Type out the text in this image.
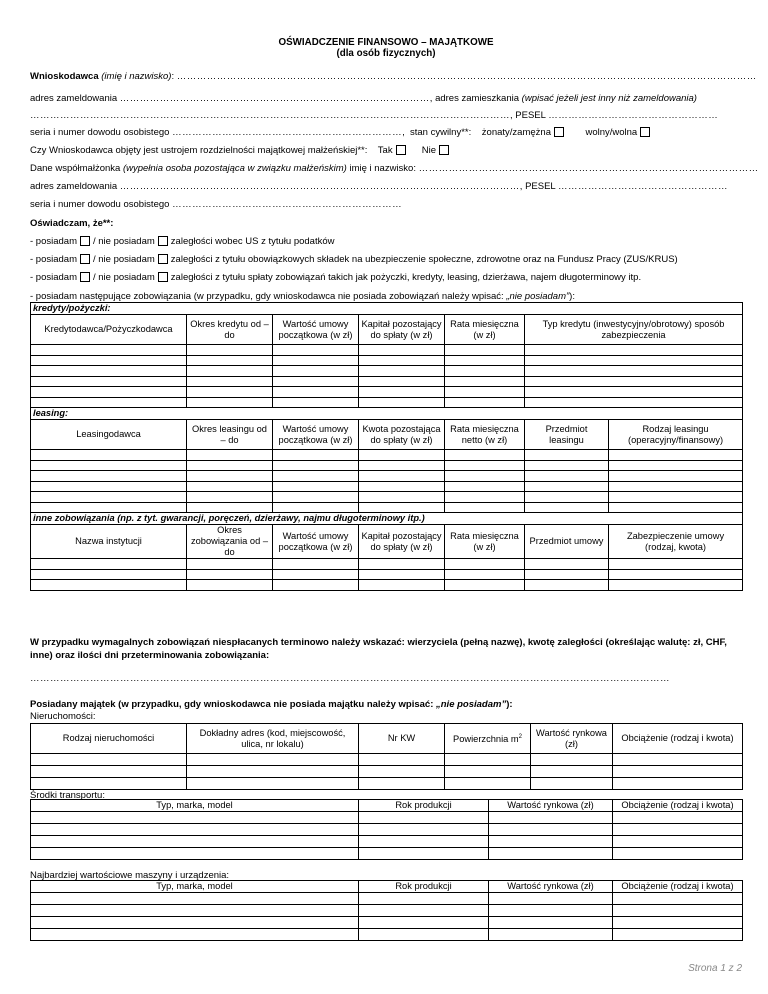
OŚWIADCZENIE FINANSOWO – MAJĄTKOWE
(dla osób fizycznych)
Wnioskodawca (imię i nazwisko): …………………………………………………………………………………………………………………………………………………………
adres zameldowania …………………………………………………………………………………, adres zamieszkania (wpisać jeżeli jest inny niż zameldowania)
………………………………………………………………………………………………………………………………, PESEL ……………………………………………
seria i numer dowodu osobistego ……………………………………………………………,  stan cywilny**: żonaty/zamężna	wolny/wolna
Czy Wnioskodawca objęty jest ustrojem rozdzielności majątkowej małżeńskiej**: Tak	Nie
Dane współmałżonka (wypełnia osoba pozostająca w związku małżeńskim) imię i nazwisko: …………………………………………………………………………………………
adres zameldowania …………………………………………………………………………………………………………, PESEL ……………………………………………
seria i numer dowodu osobistego ……………………………………………………………
Oświadczam, że**:
- posiadam / nie posiadam zaległości wobec US z tytułu podatków
- posiadam / nie posiadam zaległości z tytułu obowiązkowych składek na ubezpieczenie społeczne, zdrowotne oraz na Fundusz Pracy (ZUS/KRUS)
- posiadam / nie posiadam zaległości z tytułu spłaty zobowiązań takich jak pożyczki, kredyty, leasing, dzierżawa, najem długoterminowy itp.
- posiadam następujące zobowiązania (w przypadku, gdy wnioskodawca nie posiada zobowiązań należy wpisać: „nie posiadam”):
kredyty/pożyczki:						
Kredytodawca/Pożyczkodawca	Okres kredytu od – do	Wartość umowy początkowa (w zł)	Kapitał pozostający do spłaty (w zł)	Rata miesięczna (w zł)	Typ kredytu (inwestycyjny/obrotowy) sposób zabezpieczenia	

leasing:						
Leasingodawca	Okres leasingu od – do	Wartość umowy początkowa (w zł)	Kwota pozostająca do spłaty (w zł)	Rata miesięczna netto (w zł)	Przedmiot leasingu	Rodzaj leasingu (operacyjny/finansowy)

inne zobowiązania (np. z tyt. gwarancji, poręczeń, dzierżawy, najmu długoterminowy itp.)						
Nazwa instytucji	Okres zobowiązania od – do	Wartość umowy początkowa (w zł)	Kapitał pozostający do spłaty (w zł)	Rata miesięczna (w zł)	Przedmiot umowy	Zabezpieczenie umowy (rodzaj, kwota)

W przypadku wymagalnych zobowiązań niespłacanych terminowo należy wskazać: wierzyciela (pełną nazwę), kwotę zaległości (określając walutę: zł, CHF,
inne) oraz ilości dni przeterminowania zobowiązania:
…………………………………………………………………………………………………………………………………………………………………………
Posiadany majątek (w przypadku, gdy wnioskodawca nie posiada majątku należy wpisać: „nie posiadam”):
Nieruchomości:
Rodzaj nieruchomości	Dokładny adres (kod, miejscowość, ulica, nr lokalu)	Nr KW	Powierzchnia $m^2$	Wartość rynkowa (zł)	Obciążenie (rodzaj i kwota)

Środki transportu:
Typ, marka, model	Rok produkcji	Wartość rynkowa (zł)	Obciążenie (rodzaj i kwota)

Najbardziej wartościowe maszyny i urządzenia:
Typ, marka, model	Rok produkcji	Wartość rynkowa (zł)	Obciążenie (rodzaj i kwota)

Strona 1 z 2
